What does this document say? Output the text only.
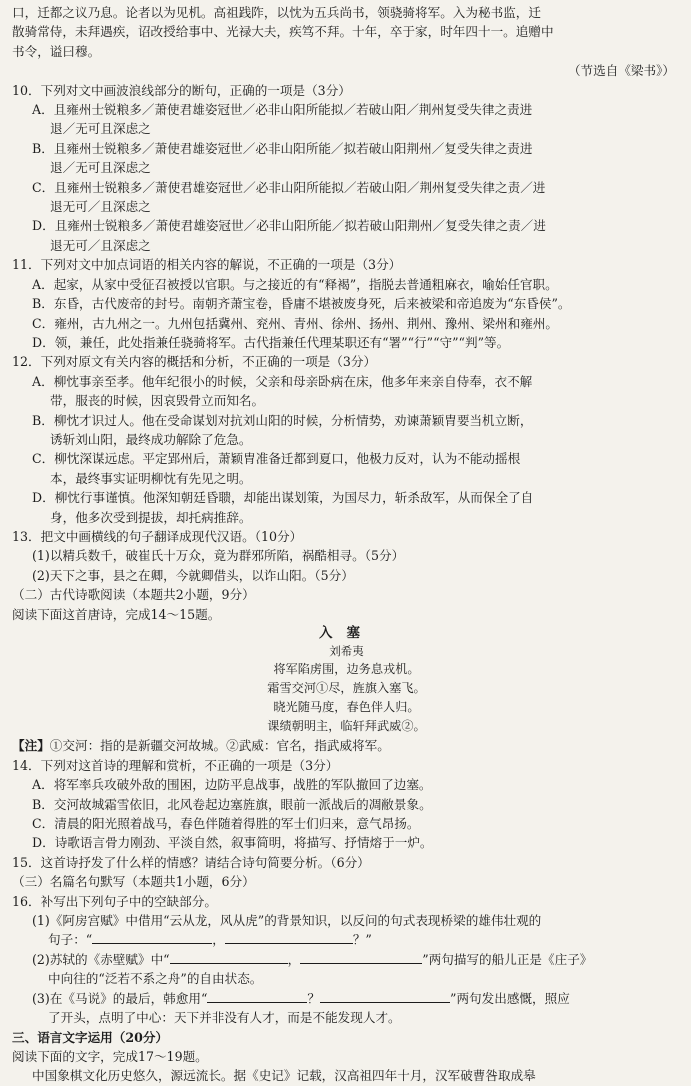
口，迁都之议乃息。论者以为见机。高祖践阼，以忱为五兵尚书，领骁骑将军。入为秘书监，迁
散骑常侍，未拜遇疾，诏改授给事中、光禄大夫，疾笃不拜。十年，卒于家，时年四十一。追赠中
书令，谥曰穆。
（节选自《梁书》）
10．下列对文中画波浪线部分的断句，正确的一项是（3分）
A．且雍州士锐粮多／萧使君雄姿冠世／必非山阳所能拟／若破山阳／荆州复受失律之责进
退／无可且深虑之
B．且雍州士锐粮多／萧使君雄姿冠世／必非山阳所能／拟若破山阳荆州／复受失律之责进
退／无可且深虑之
C．且雍州士锐粮多／萧使君雄姿冠世／必非山阳所能拟／若破山阳／荆州复受失律之责／进
退无可／且深虑之
D．且雍州士锐粮多／萧使君雄姿冠世／必非山阳所能／拟若破山阳荆州／复受失律之责／进
退无可／且深虑之
11．下列对文中加点词语的相关内容的解说，不正确的一项是（3分）
A．起家，从家中受征召被授以官职。与之接近的有“释褐”，指脱去普通粗麻衣，喻始任官职。
B．东昏，古代废帝的封号。南朝齐萧宝卷，昏庸不堪被废身死，后来被梁和帝追废为“东昏侯”。
C．雍州，古九州之一。九州包括冀州、兖州、青州、徐州、扬州、荆州、豫州、梁州和雍州。
D．领，兼任，此处指兼任骁骑将军。古代指兼任代理某职还有“署”“行”“守”“判”等。
12．下列对原文有关内容的概括和分析，不正确的一项是（3分）
A．柳忱事亲至孝。他年纪很小的时候，父亲和母亲卧病在床，他多年来亲自侍奉，衣不解
带，服丧的时候，因哀毁骨立而知名。
B．柳忱才识过人。他在受命谋划对抗刘山阳的时候，分析情势，劝谏萧颖胄要当机立断，
诱斩刘山阳，最终成功解除了危急。
C．柳忱深谋远虑。平定郢州后，萧颖胄准备迁都到夏口，他极力反对，认为不能动摇根
本，最终事实证明柳忱有先见之明。
D．柳忱行事谨慎。他深知朝廷昏聩，却能出谋划策，为国尽力，斩杀敌军，从而保全了自
身，他多次受到提拔，却托病推辞。
13．把文中画横线的句子翻译成现代汉语。（10分）
(1)以精兵数千，破崔氏十万众，竟为群邪所陷，祸酷相寻。（5分）
(2)天下之事，县之在卿，今就卿借头，以诈山阳。（5分）
（二）古代诗歌阅读（本题共2小题，9分）
阅读下面这首唐诗，完成14～15题。
入塞
刘希夷
将军陷虏围，边务息戎机。
霜雪交河①尽，旌旗入塞飞。
晓光随马度，春色伴人归。
课绩朝明主，临轩拜武威②。
【注】①交河：指的是新疆交河故城。②武威：官名，指武威将军。
14．下列对这首诗的理解和赏析，不正确的一项是（3分）
A．将军率兵攻破外敌的围困，边防平息战事，战胜的军队撤回了边塞。
B．交河故城霜雪依旧，北风卷起边塞旌旗，眼前一派战后的凋敝景象。
C．清晨的阳光照着战马，春色伴随着得胜的军士们归来，意气昂扬。
D．诗歌语言骨力刚劲、平淡自然，叙事简明，将描写、抒情熔于一炉。
15．这首诗抒发了什么样的情感？请结合诗句简要分析。（6分）
（三）名篇名句默写（本题共1小题，6分）
16．补写出下列句子中的空缺部分。
(1)《阿房宫赋》中借用“云从龙，风从虎”的背景知识，以反问的句式表现桥梁的雄伟壮观的
句子：“	，	？”
(2)苏轼的《赤壁赋》中“	，	”两句描写的船儿正是《庄子》
中向往的“泛若不系之舟”的自由状态。
(3)在《马说》的最后，韩愈用“	？	”两句发出感慨，照应
了开头，点明了中心：天下并非没有人才，而是不能发现人才。
三、语言文字运用（20分）
阅读下面的文字，完成17～19题。
中国象棋文化历史悠久，源远流长。据《史记》记载，汉高祖四年十月，汉军破曹咎取成皋
